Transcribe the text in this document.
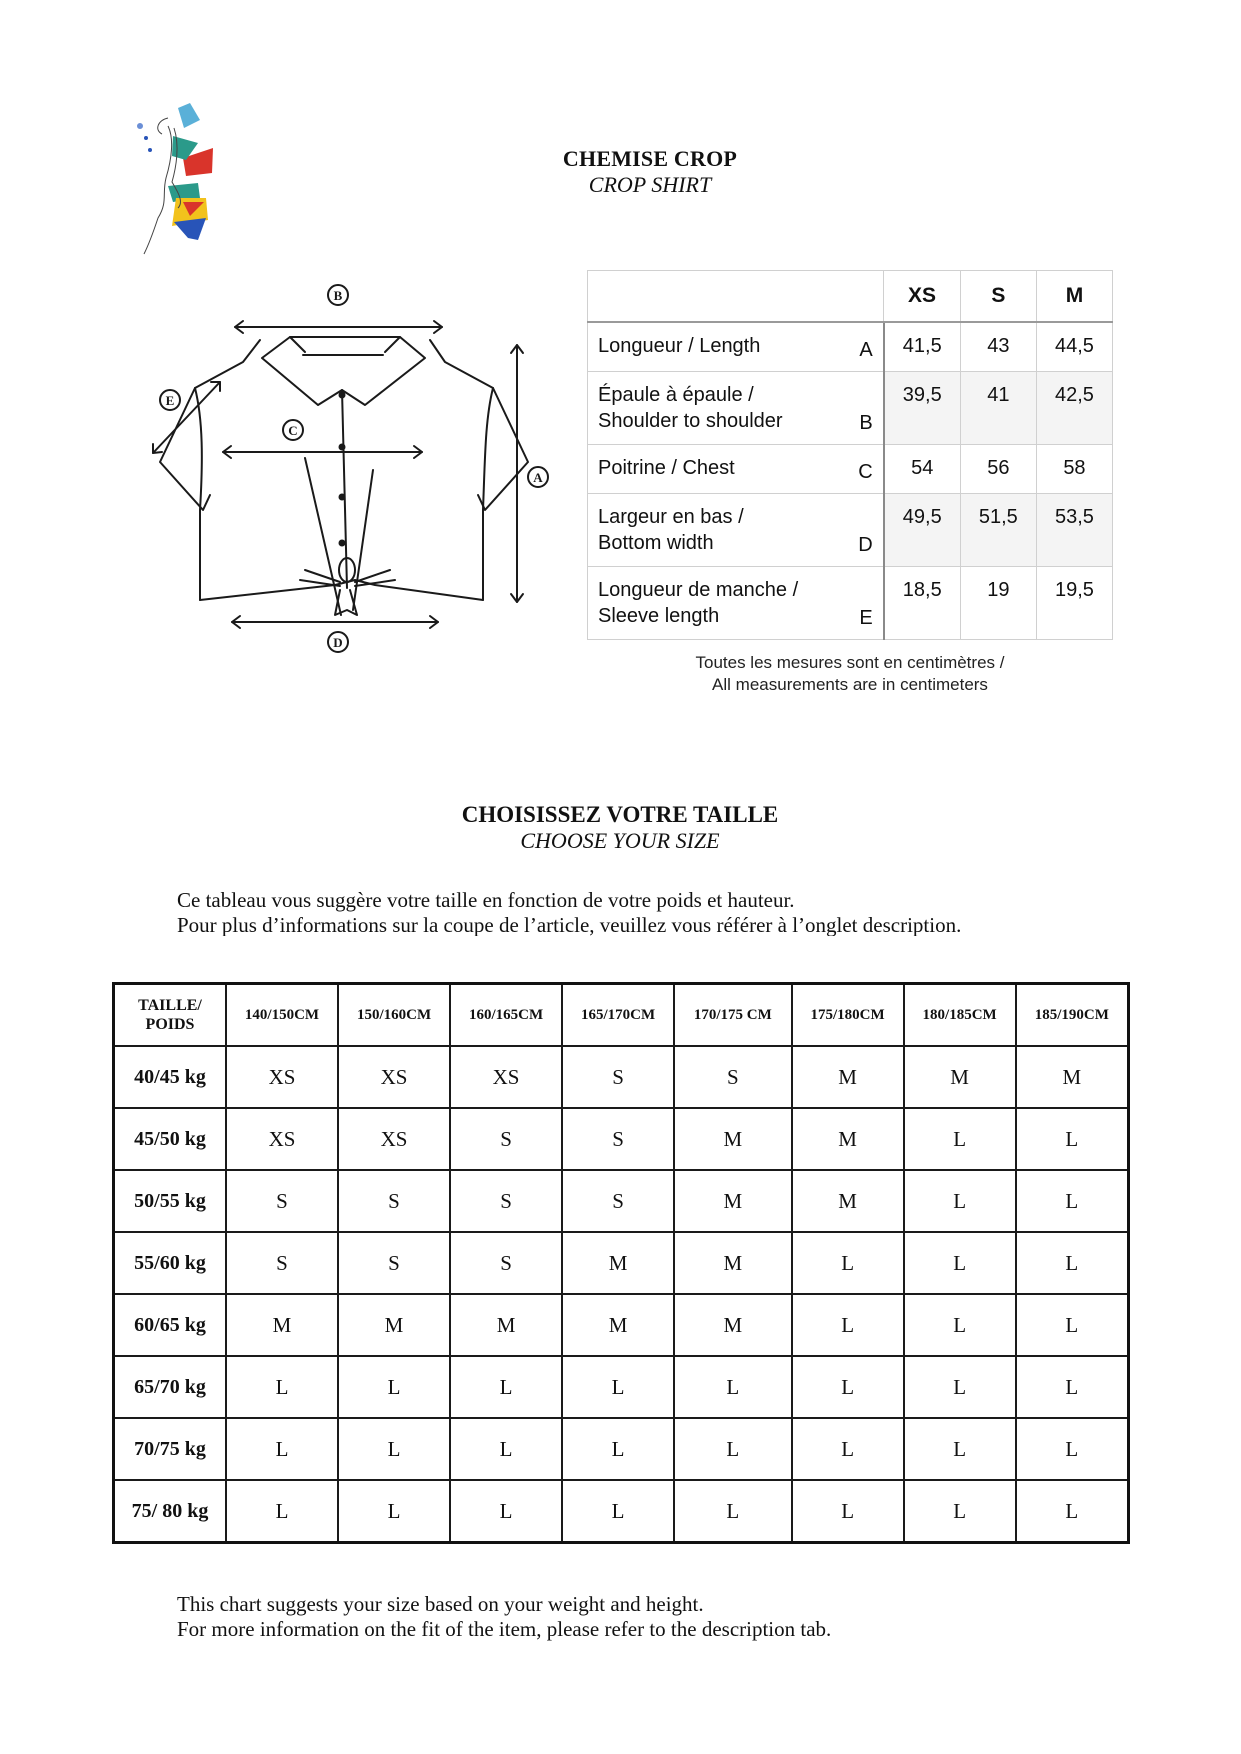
CHEMISE CROP
CROP SHIRT
B
A
E
C
D
	XS	S	M
Longueur / Length A	41,5	43	44,5

Épaule à épaule /
Shoulder to shoulder B	39,5	41	42,5
Poitrine / Chest C	54	56	58

Largeur en bas /
Bottom width D	49,5	51,5	53,5

Longueur de manche /
Sleeve length E	18,5	19	19,5
Toutes les mesures sont en centimètres /
All measurements are in centimeters
CHOISISSEZ VOTRE TAILLE
CHOOSE YOUR SIZE
Ce tableau vous suggère votre taille en fonction de votre poids et hauteur.
Pour plus d’informations sur la coupe de l’article, veuillez vous référer à l’onglet description.
TAILLE/
POIDS	140/150CM	150/160CM	160/165CM	165/170CM	170/175 CM	175/180CM	180/185CM	185/190CM
40/45 kg	XS	XS	XS	S	S	M	M	M
45/50 kg	XS	XS	S	S	M	M	L	L
50/55 kg	S	S	S	S	M	M	L	L
55/60 kg	S	S	S	M	M	L	L	L
60/65 kg	M	M	M	M	M	L	L	L
65/70 kg	L	L	L	L	L	L	L	L
70/75 kg	L	L	L	L	L	L	L	L
75/ 80 kg	L	L	L	L	L	L	L	L
This chart suggests your size based on your weight and height.
For more information on the fit of the item, please refer to the description tab.
